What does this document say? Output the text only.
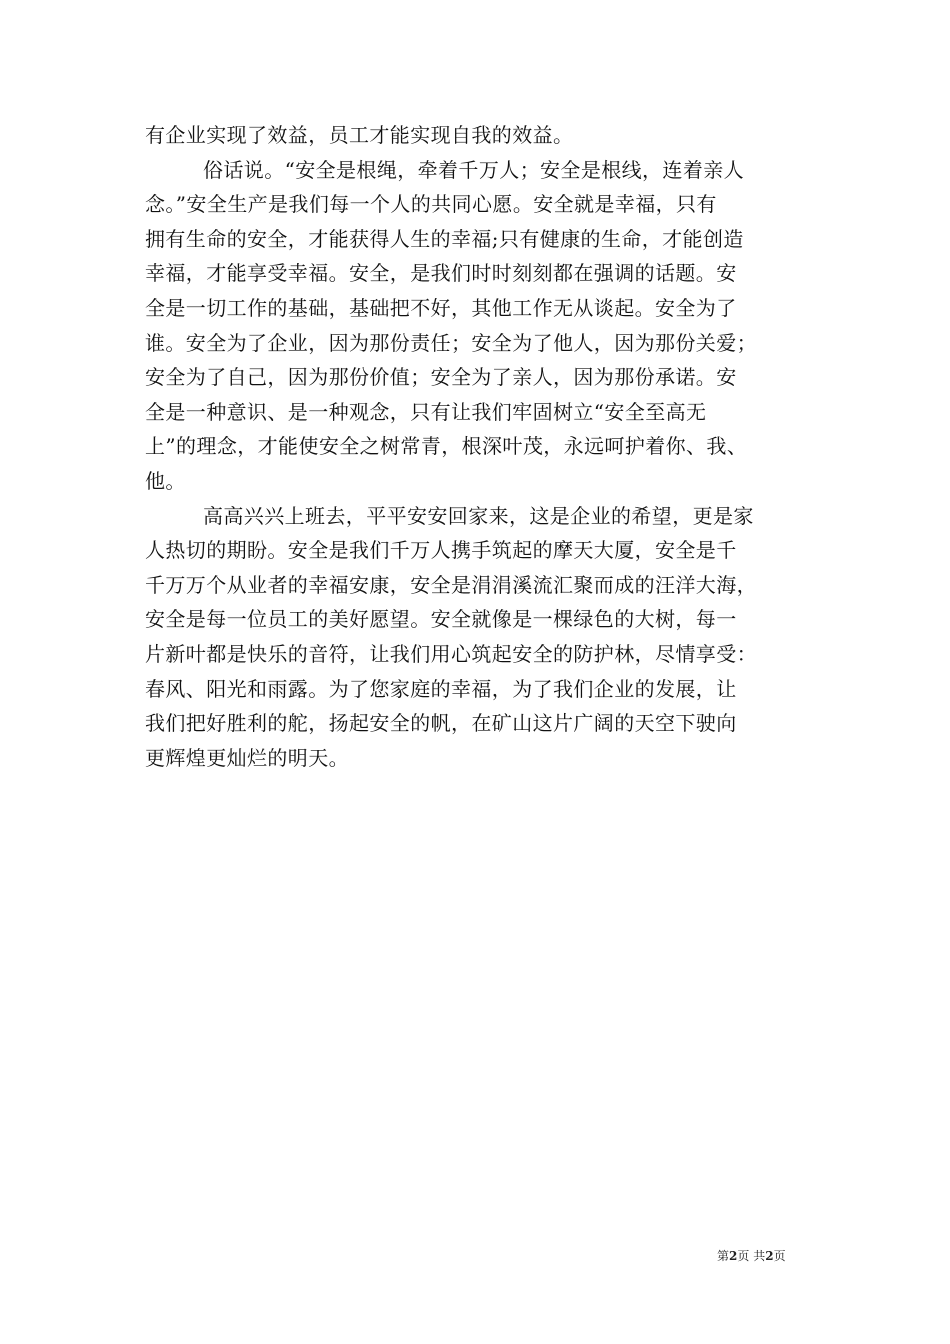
有企业实现了效益，员工才能实现自我的效益。
俗话说。“安全是根绳，牵着千万人；安全是根线，连着亲人
念。”安全生产是我们每一个人的共同心愿。安全就是幸福，只有
拥有生命的安全，才能获得人生的幸福;只有健康的生命，才能创造
幸福，才能享受幸福。安全，是我们时时刻刻都在强调的话题。安
全是一切工作的基础，基础把不好，其他工作无从谈起。安全为了
谁。安全为了企业，因为那份责任；安全为了他人，因为那份关爱；
安全为了自己，因为那份价值；安全为了亲人，因为那份承诺。安
全是一种意识、是一种观念，只有让我们牢固树立“安全至高无
上”的理念，才能使安全之树常青，根深叶茂，永远呵护着你、我、
他。
高高兴兴上班去，平平安安回家来，这是企业的希望，更是家
人热切的期盼。安全是我们千万人携手筑起的摩天大厦，安全是千
千万万个从业者的幸福安康，安全是涓涓溪流汇聚而成的汪洋大海，
安全是每一位员工的美好愿望。安全就像是一棵绿色的大树，每一
片新叶都是快乐的音符，让我们用心筑起安全的防护林，尽情享受：
春风、阳光和雨露。为了您家庭的幸福，为了我们企业的发展，让
我们把好胜利的舵，扬起安全的帆，在矿山这片广阔的天空下驶向
更辉煌更灿烂的明天。
第2页 共2页
